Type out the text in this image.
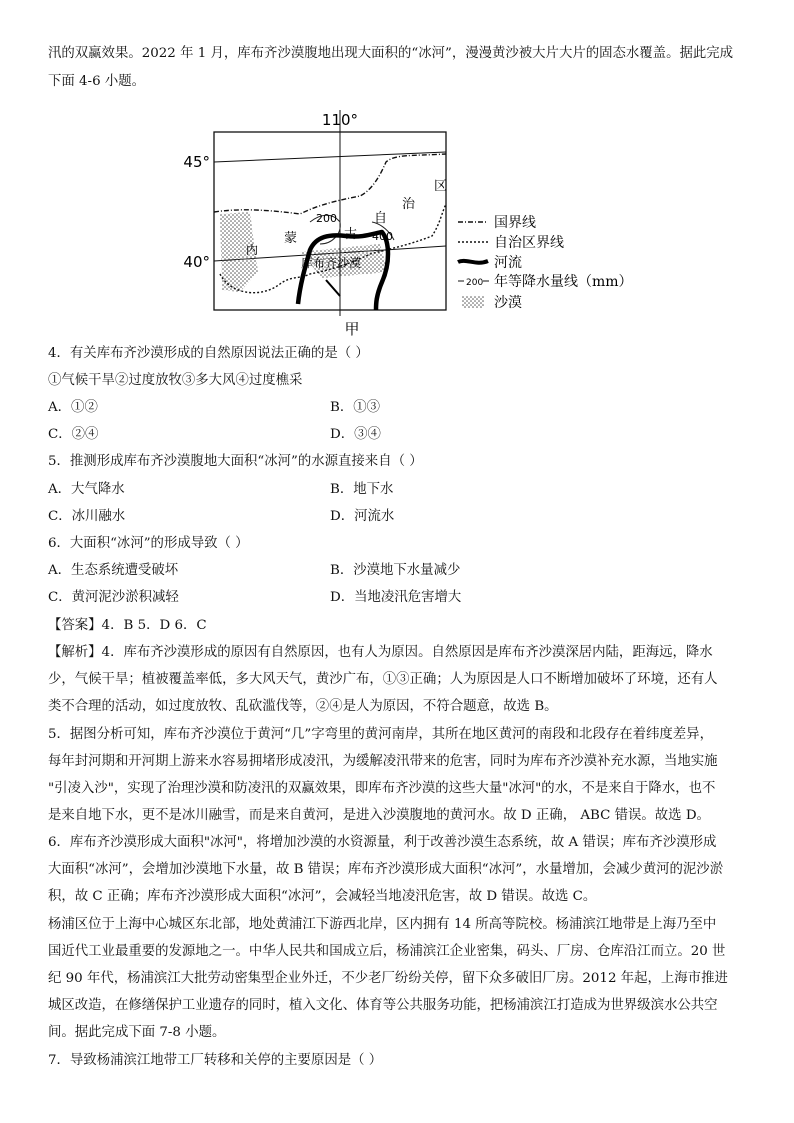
汛的双赢效果。2022 年 1 月，库布齐沙漠腹地出现大面积的“冰河”，漫漫黄沙被大片大片的固态水覆盖。据此完成
下面 4-6 小题。
110°
45°
40°
区
治
自
古
蒙
内
200
400
库布齐沙漠
甲
国界线
自治区界线
河流
200 年等降水量线（mm）
沙漠
4．有关库布齐沙漠形成的自然原因说法正确的是（ ）
①气候干旱②过度放牧③多大风④过度樵采
A．①②	B．①③
C．②④	D．③④
5．推测形成库布齐沙漠腹地大面积“冰河”的水源直接来自（ ）
A．大气降水	B．地下水
C．冰川融水	D．河流水
6．大面积“冰河”的形成导致（ ）
A．生态系统遭受破坏	B．沙漠地下水量减少
C．黄河泥沙淤积减轻	D．当地凌汛危害增大
【答案】4．B 5．D 6．C
【解析】4．库布齐沙漠形成的原因有自然原因，也有人为原因。自然原因是库布齐沙漠深居内陆，距海远，降水
少，气候干旱；植被覆盖率低，多大风天气，黄沙广布，①③正确；人为原因是人口不断增加破坏了环境，还有人
类不合理的活动，如过度放牧、乱砍滥伐等，②④是人为原因，不符合题意，故选 B。
5．据图分析可知，库布齐沙漠位于黄河“几”字弯里的黄河南岸，其所在地区黄河的南段和北段存在着纬度差异，
每年封河期和开河期上游来水容易拥堵形成凌汛，为缓解凌汛带来的危害，同时为库布齐沙漠补充水源，当地实施
"引凌入沙"，实现了治理沙漠和防凌汛的双赢效果，即库布齐沙漠的这些大量"冰河"的水，不是来自于降水，也不
是来自地下水，更不是冰川融雪，而是来自黄河，是进入沙漠腹地的黄河水。故 D 正确， ABC 错误。故选 D。
6．库布齐沙漠形成大面积"冰河"，将增加沙漠的水资源量，利于改善沙漠生态系统，故 A 错误；库布齐沙漠形成
大面积“冰河”，会增加沙漠地下水量，故 B 错误；库布齐沙漠形成大面积“冰河”，水量增加，会减少黄河的泥沙淤
积，故 C 正确；库布齐沙漠形成大面积“冰河”，会减轻当地凌汛危害，故 D 错误。故选 C。
杨浦区位于上海中心城区东北部，地处黄浦江下游西北岸，区内拥有 14 所高等院校。杨浦滨江地带是上海乃至中
国近代工业最重要的发源地之一。中华人民共和国成立后，杨浦滨江企业密集，码头、厂房、仓库沿江而立。20 世
纪 90 年代，杨浦滨江大批劳动密集型企业外迁，不少老厂纷纷关停，留下众多破旧厂房。2012 年起，上海市推进
城区改造，在修缮保护工业遗存的同时，植入文化、体育等公共服务功能，把杨浦滨江打造成为世界级滨水公共空
间。据此完成下面 7-8 小题。
7．导致杨浦滨江地带工厂转移和关停的主要原因是（ ）
